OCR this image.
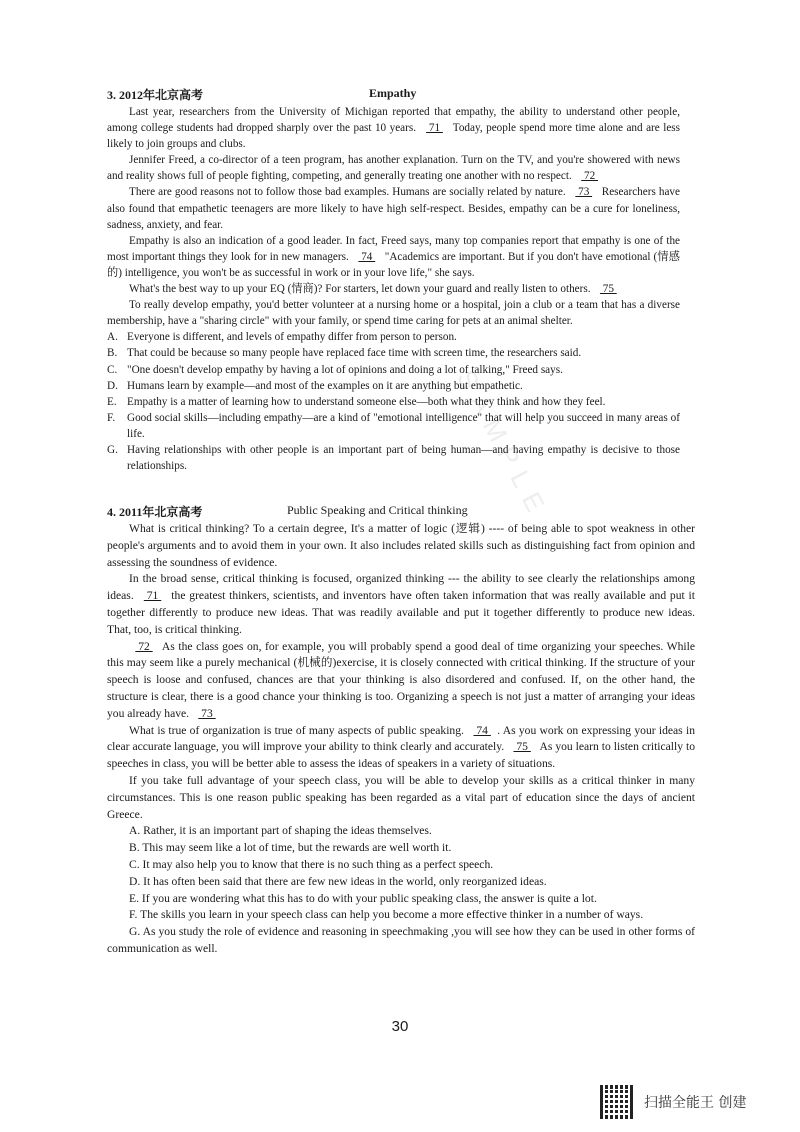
SAMPLE
3. 2012年北京高考	Empathy

Last year, researchers from the University of Michigan reported that empathy, the ability to understand other people, among college students had dropped sharply over the past 10 years.  71  Today, people spend more time alone and are less likely to join groups and clubs.

Jennifer Freed, a co-director of a teen program, has another explanation. Turn on the TV, and you're showered with news and reality shows full of people fighting, competing, and generally treating one another with no respect.  72

There are good reasons not to follow those bad examples. Humans are socially related by nature.  73  Researchers have also found that empathetic teenagers are more likely to have high self-respect. Besides, empathy can be a cure for loneliness, sadness, anxiety, and fear.

Empathy is also an indication of a good leader. In fact, Freed says, many top companies report that empathy is one of the most important things they look for in new managers.  74  "Academics are important. But if you don't have emotional (情感的) intelligence, you won't be as successful in work or in your love life," she says.

What's the best way to up your EQ (情商)? For starters, let down your guard and really listen to others.  75

To really develop empathy, you'd better volunteer at a nursing home or a hospital, join a club or a team that has a diverse membership, have a "sharing circle" with your family, or spend time caring for pets at an animal shelter.

A. Everyone is different, and levels of empathy differ from person to person.
B. That could be because so many people have replaced face time with screen time, the researchers said.
C. "One doesn't develop empathy by having a lot of opinions and doing a lot of talking," Freed says.
D. Humans learn by example—and most of the examples on it are anything but empathetic.
E. Empathy is a matter of learning how to understand someone else—both what they think and how they feel.
F.	Good social skills—including empathy—are a kind of "emotional intelligence" that will help you succeed in many areas of life.
G. Having relationships with other people is an important part of being human—and having empathy is decisive to those relationships.
4. 2011年北京高考	Public Speaking and Critical thinking

What is critical thinking? To a certain degree, It's a matter of logic (逻辑) ---- of being able to spot weakness in other people's arguments and to avoid them in your own. It also includes related skills such as distinguishing fact from opinion and assessing the soundness of evidence.

In the broad sense, critical thinking is focused, organized thinking --- the ability to see clearly the relationships among ideas.  71  the greatest thinkers, scientists, and inventors have often taken information that was really available and put it together differently to produce new ideas. That was readily available and put it together differently to produce new ideas. That, too, is critical thinking.

72  As the class goes on, for example, you will probably spend a good deal of time organizing your speeches. While this may seem like a purely mechanical (机械的)exercise, it is closely connected with critical thinking. If the structure of your speech is loose and confused, chances are that your thinking is also disordered and confused. If, on the other hand, the structure is clear, there is a good chance your thinking is too. Organizing a speech is not just a matter of arranging your ideas you already have.  73

What is true of organization is true of many aspects of public speaking.  74 . As you work on expressing your ideas in clear accurate language, you will improve your ability to think clearly and accurately.  75  As you learn to listen critically to speeches in class, you will be better able to assess the ideas of speakers in a variety of situations.

If you take full advantage of your speech class, you will be able to develop your skills as a critical thinker in many circumstances. This is one reason public speaking has been regarded as a vital part of education since the days of ancient Greece.

A. Rather, it is an important part of shaping the ideas themselves.

B. This may seem like a lot of time, but the rewards are well worth it.

C. It may also help you to know that there is no such thing as a perfect speech.

D. It has often been said that there are few new ideas in the world, only reorganized ideas.

E. If you are wondering what this has to do with your public speaking class, the answer is quite a lot.

F. The skills you learn in your speech class can help you become a more effective thinker in a number of ways.

G. As you study the role of evidence and reasoning in speechmaking ,you will see how they can be used in other forms of communication as well.

30
扫描全能王 创建
